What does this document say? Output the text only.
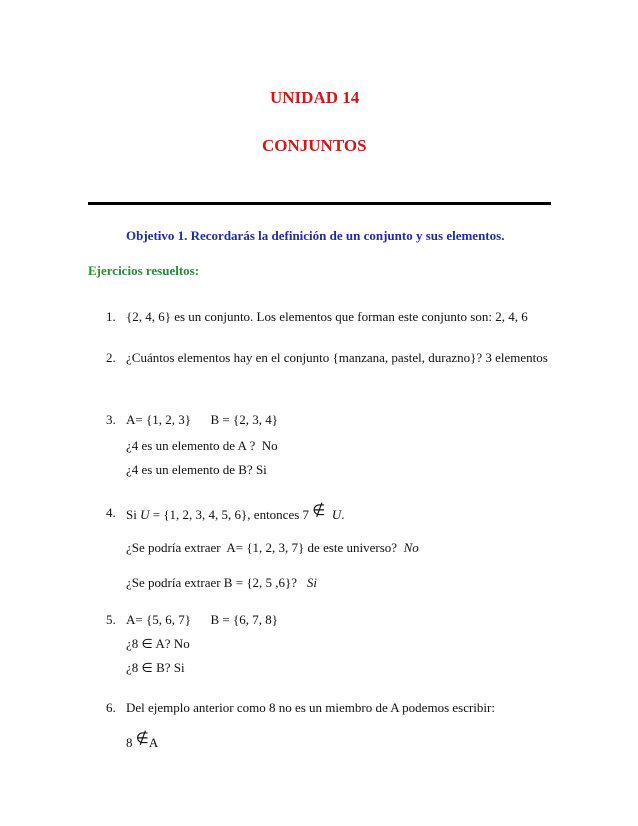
UNIDAD 14
CONJUNTOS
Objetivo 1. Recordarás la definición de un conjunto y sus elementos.
Ejercicios resueltos:
1. {2, 4, 6} es un conjunto. Los elementos que forman este conjunto son: 2, 4, 6
2. ¿Cuántos elementos hay en el conjunto {manzana, pastel, durazno}? 3 elementos
3. A= {1, 2, 3}      B = {2, 3, 4}
¿4 es un elemento de A ?  No
¿4 es un elemento de B? Si
4. Si U = {1, 2, 3, 4, 5, 6}, entonces 7 ∉ U.
¿Se podría extraer  A= {1, 2, 3, 7} de este universo?  No
¿Se podría extraer B = {2, 5 ,6}?   Si
5. A= {5, 6, 7}      B = {6, 7, 8}
¿8 ∈ A? No
¿8 ∈ B? Si
6. Del ejemplo anterior como 8 no es un miembro de A podemos escribir:
8 ∉A
